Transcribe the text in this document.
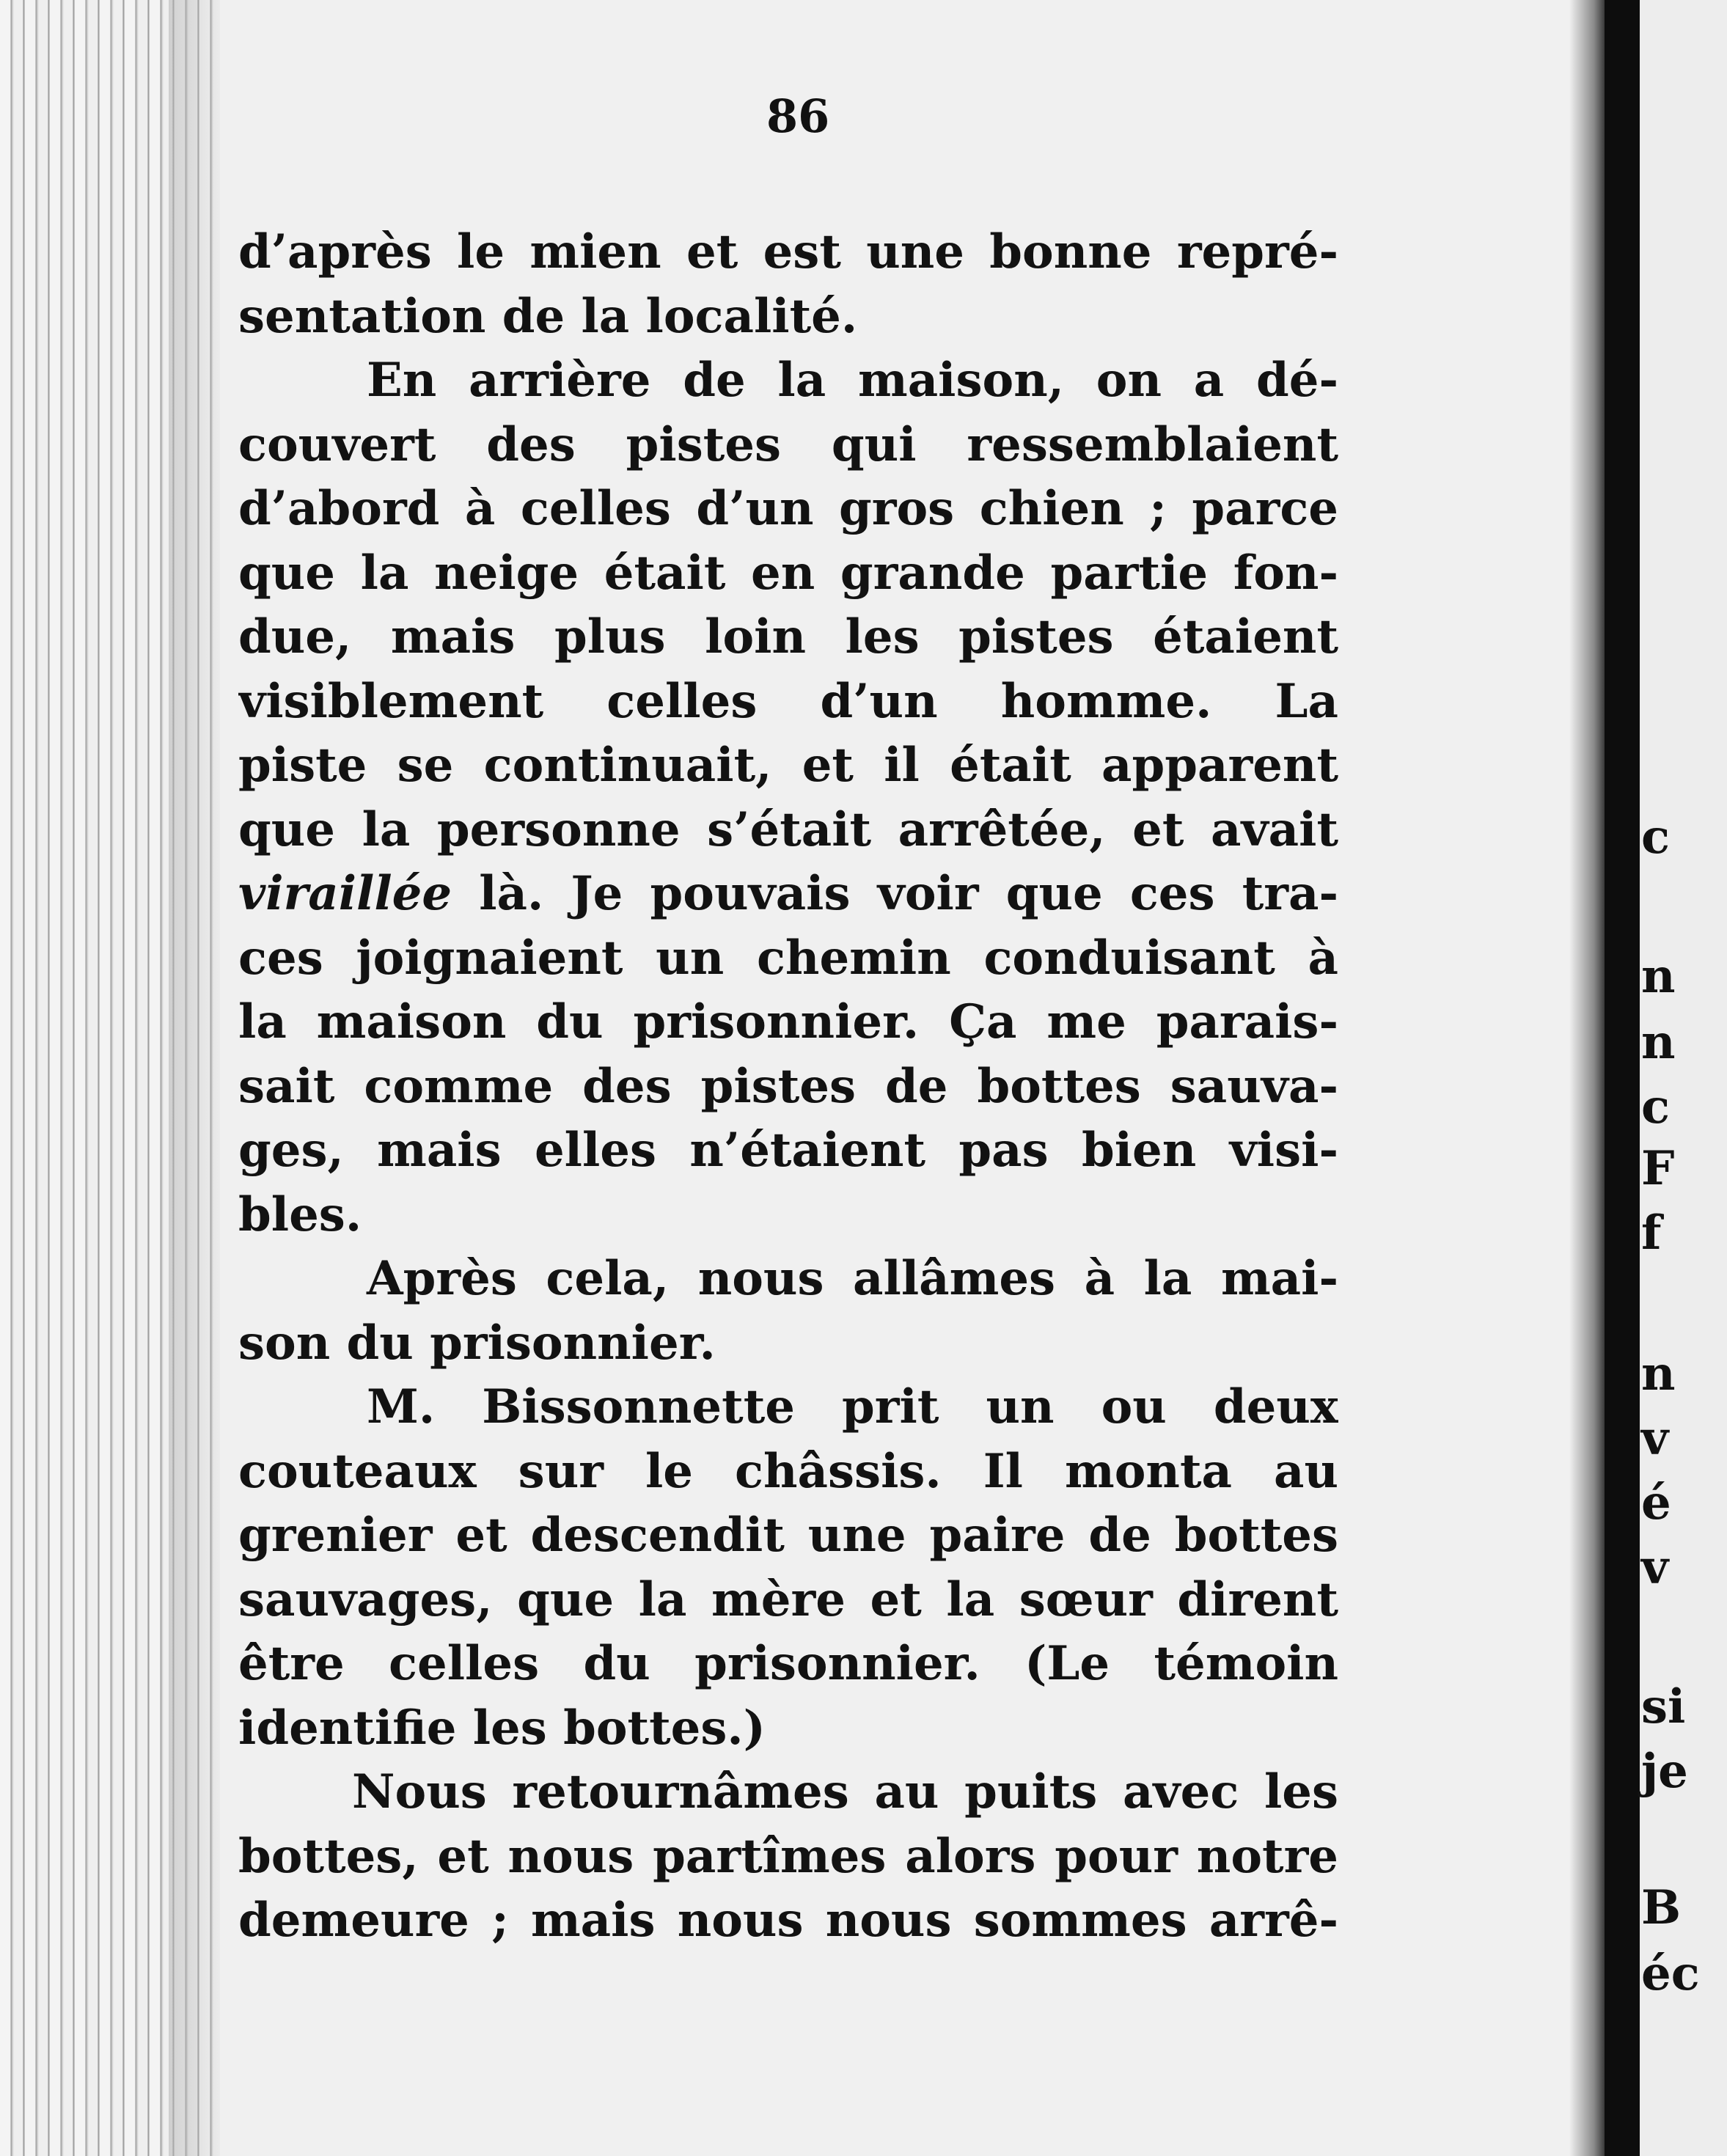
86
d’après le mien et est une bonne repré-
sentation de la localité.
En arrière de la maison, on a dé-
couvert des pistes qui ressemblaient
d’abord à celles d’un gros chien ; parce
que la neige était en grande partie fon-
due, mais plus loin les pistes étaient
visiblement celles d’un homme. La
piste se continuait, et il était apparent
que la personne s’était arrêtée, et avait
viraillée là. Je pouvais voir que ces tra-
ces joignaient un chemin conduisant à
la maison du prisonnier. Ça me parais-
sait comme des pistes de bottes sauva-
ges, mais elles n’étaient pas bien visi-
bles.
Après cela, nous allâmes à la mai-
son du prisonnier.
M. Bissonnette prit un ou deux
couteaux sur le châssis. Il monta au
grenier et descendit une paire de bottes
sauvages, que la mère et la sœur dirent
être celles du prisonnier. (Le témoin
identifie les bottes.)
Nous retournâmes au puits avec les
bottes, et nous partîmes alors pour notre
demeure ; mais nous nous sommes arrê-
c
n
n
c
F
f
n
v
é
v
si
je
B
éc
